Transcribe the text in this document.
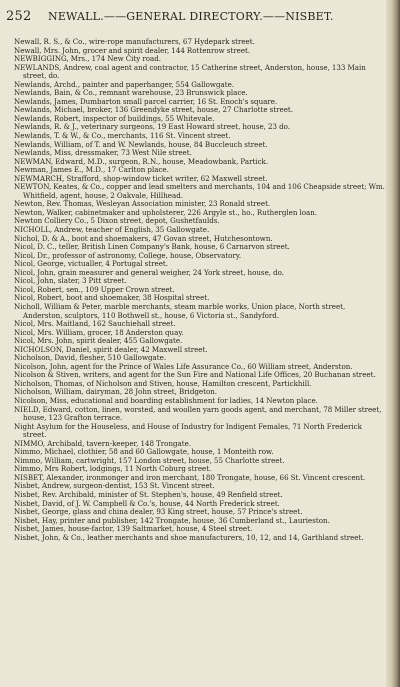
252 NEWALL.——GENERAL DIRECTORY.——NISBET.
Newall, R. S., & Co., wire-rope manufacturers, 67 Hydepark street.
Newall, Mrs. John, grocer and spirit dealer, 144 Rottenrow street.
NEWBIGGING, Mrs., 174 New City road.
NEWLANDS, Andrew, coal agent and contractor, 15 Catherine street, Anderston, house, 133 Main street, do.
Newlands, Archd., painter and paperhanger, 554 Gallowgate.
Newlands, Bain, & Co., remnant warehouse, 23 Brunswick place.
Newlands, James, Dumbarton small parcel carrier, 16 St. Enoch's square.
Newlands, Michael, broker, 136 Greendyke street, house, 27 Charlotte street.
Newlands, Robert, inspector of buildings, 55 Whitevale.
Newlands, R. & J., veterinary surgeons, 19 East Howard street, house, 23 do.
Newlands, T. & W., & Co., merchants, 116 St. Vincent street.
Newlands, William, of T. and W. Newlands, house, 84 Buccleuch street.
Newlands, Miss, dressmaker, 73 West Nile street.
NEWMAN, Edward, M.D., surgeon, R.N., house, Meadowbank, Partick.
Newman, James E., M.D., 17 Carlton place.
NEWMARCH, Strafford, shop-window ticket writer, 62 Maxwell street.
NEWTON, Keates, & Co., copper and lead smelters and merchants, 104 and 106 Cheapside street; Wm. Whitfield, agent, house, 2 Oakvale, Hillhead.
Newton, Rev. Thomas, Wesleyan Association minister, 23 Ronald street.
Newton, Walker, cabinetmaker and upholsterer, 226 Argyle st., ho., Rutherglen loan.
Newton Colliery Co., 5 Dixon street, depot, Gushetfaulds.
NICHOLL, Andrew, teacher of English, 35 Gallowgate.
Nichol, D. & A., boot and shoemakers, 47 Govan street, Hutchesontown.
Nicol, D. C., teller, British Linen Company's Bank, house, 6 Carnarvon street.
Nicol, Dr., professor of astronomy, College, house, Observatory.
Nicol, George, victualler, 4 Portugal street.
Nicol, John, grain measurer and general weigher, 24 York street, house, do.
Nicol, John, slater, 3 Pitt street.
Nicol, Robert, sen., 109 Upper Crown street.
Nicol, Robert, boot and shoemaker, 38 Hospital street.
Nicholl, William & Peter, marble merchants, steam marble works, Union place, North street, Anderston, sculptors, 110 Bothwell st., house, 6 Victoria st., Sandyford.
Nicol, Mrs. Maitland, 162 Sauchiehall street.
Nicol, Mrs. William, grocer, 18 Anderston quay.
Nicol, Mrs. John, spirit dealer, 455 Gallowgate.
NICHOLSON, Daniel, spirit dealer, 42 Maxwell street.
Nicholson, David, flesher, 510 Gallowgate.
Nicolson, John, agent for the Prince of Wales Life Assurance Co., 60 William street, Anderston.
Nicolson & Stiven, writers, and agent for the Sun Fire and National Life Offices, 20 Buchanan street.
Nicholson, Thomas, of Nicholson and Stiven, house, Hamilton crescent, Partickhill.
Nicholson, William, dairyman, 28 John street, Bridgeton.
Nicolson, Miss, educational and boarding establishment for ladies, 14 Newton place.
NIELD, Edward, cotton, linen, worsted, and woollen yarn goods agent, and merchant, 78 Miller street, house, 123 Grafton terrace.
Night Asylum for the Houseless, and House of Industry for Indigent Females, 71 North Frederick street.
NIMMO, Archibald, tavern-keeper, 148 Trongate.
Nimmo, Michael, clothier, 58 and 60 Gallowgate, house, 1 Monteith row.
Nimmo, William, cartwright, 157 London street, house, 55 Charlotte street.
Nimmo, Mrs Robert, lodgings, 11 North Coburg street.
NISBET, Alexander, ironmonger and iron merchant, 180 Trongate, house, 66 St. Vincent crescent.
Nisbet, Andrew, surgeon-dentist, 153 St. Vincent street.
Nisbet, Rev. Archibald, minister of St. Stephen's, house, 49 Renfield street.
Nisbet, David, of J. W. Campbell & Co.'s, house, 44 North Frederick street.
Nisbet, George, glass and china dealer, 93 King street, house, 57 Prince's street.
Nisbet, Hay, printer and publisher, 142 Trongate, house, 36 Cumberland st., Laurieston.
Nisbet, James, house-factor, 139 Saltmarket, house, 4 Steel street.
Nisbet, John, & Co., leather merchants and shoe manufacturers, 10, 12, and 14, Garthland street.
